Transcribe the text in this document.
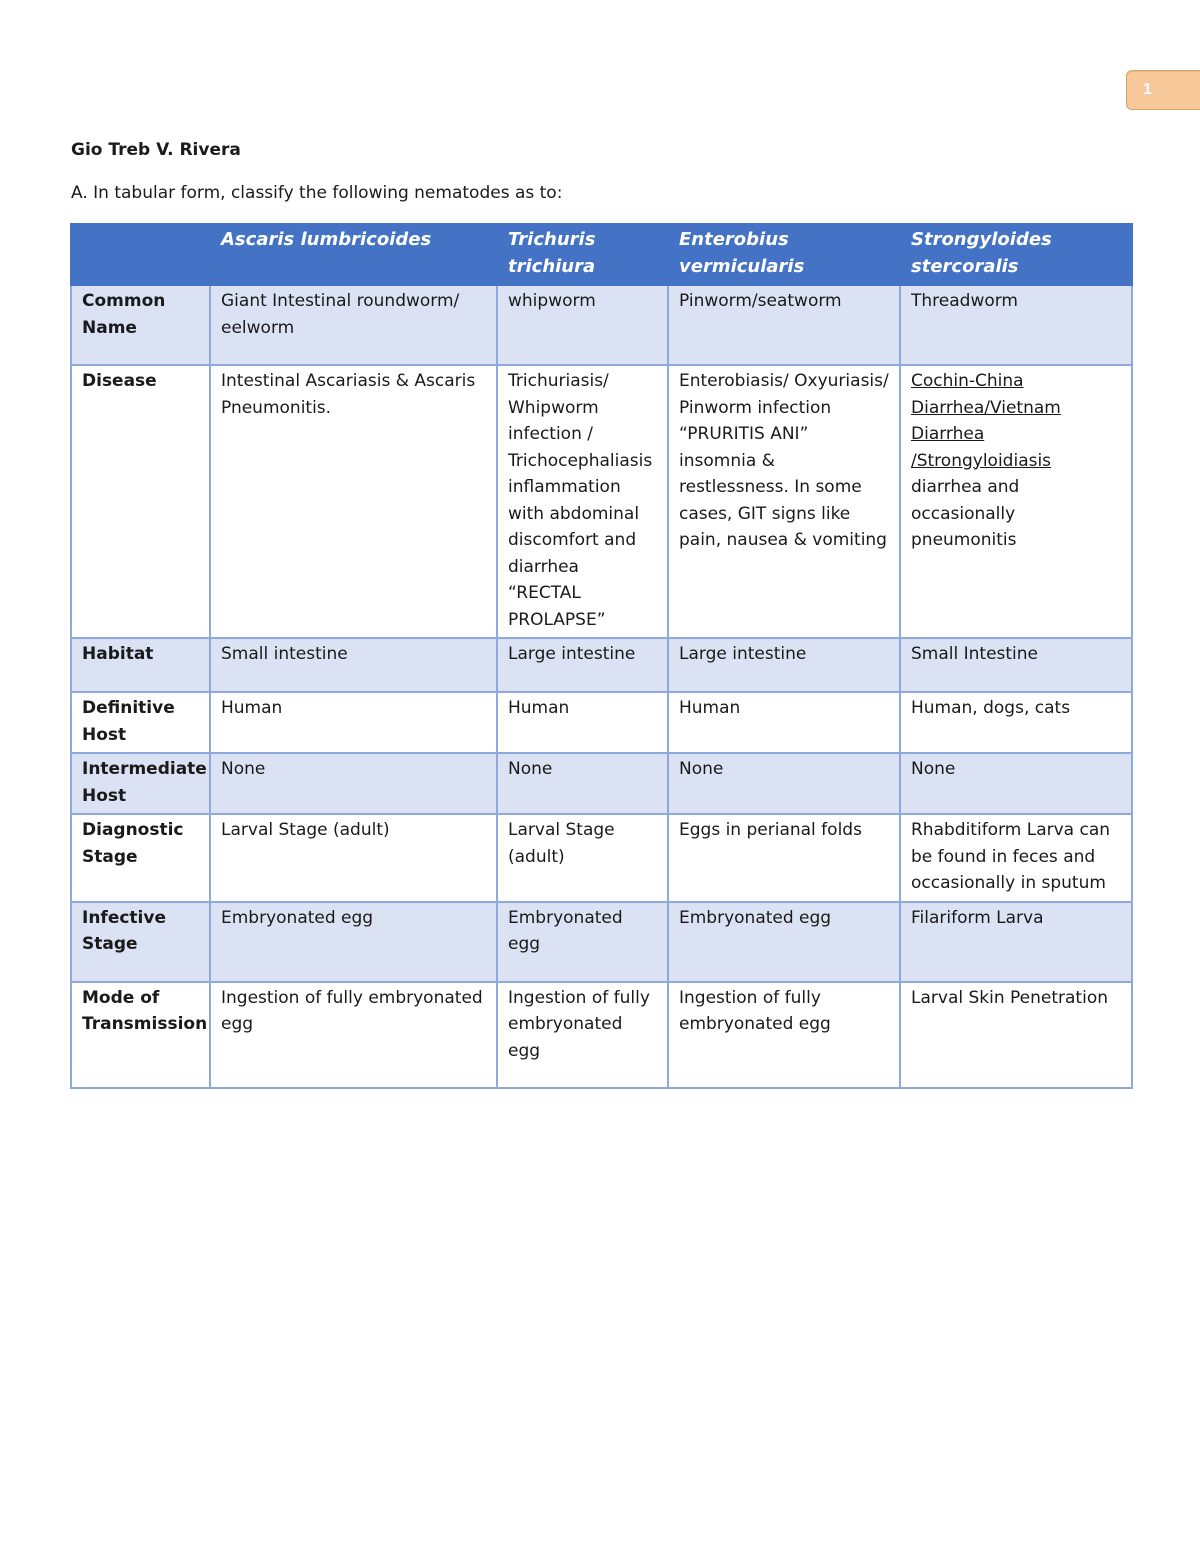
1
Gio Treb V. Rivera
A. In tabular form, classify the following nematodes as to:
	Ascaris lumbricoides	Trichuris trichiura	Enterobius vermicularis	Strongyloides stercoralis
Common Name	Giant Intestinal roundworm/ eelworm	whipworm	Pinworm/seatworm	Threadworm
Disease	Intestinal Ascariasis & Ascaris Pneumonitis.	Trichuriasis/ Whipworm infection / Trichocephaliasis inflammation with abdominal discomfort and diarrhea “RECTAL PROLAPSE”	Enterobiasis/ Oxyuriasis/ Pinworm infection “PRURITIS ANI” insomnia & restlessness. In some cases, GIT signs like pain, nausea & vomiting	Cochin-China Diarrhea/Vietnam Diarrhea /Strongyloidiasis diarrhea and occasionally pneumonitis
Habitat	Small intestine	Large intestine	Large intestine	Small Intestine
Definitive Host	Human	Human	Human	Human, dogs, cats
Intermediate Host	None	None	None	None
Diagnostic Stage	Larval Stage (adult)	Larval Stage (adult)	Eggs in perianal folds	Rhabditiform Larva can be found in feces and occasionally in sputum
Infective Stage	Embryonated egg	Embryonated egg	Embryonated egg	Filariform Larva
Mode of Transmission	Ingestion of fully embryonated egg	Ingestion of fully embryonated egg	Ingestion of fully embryonated egg	Larval Skin Penetration
